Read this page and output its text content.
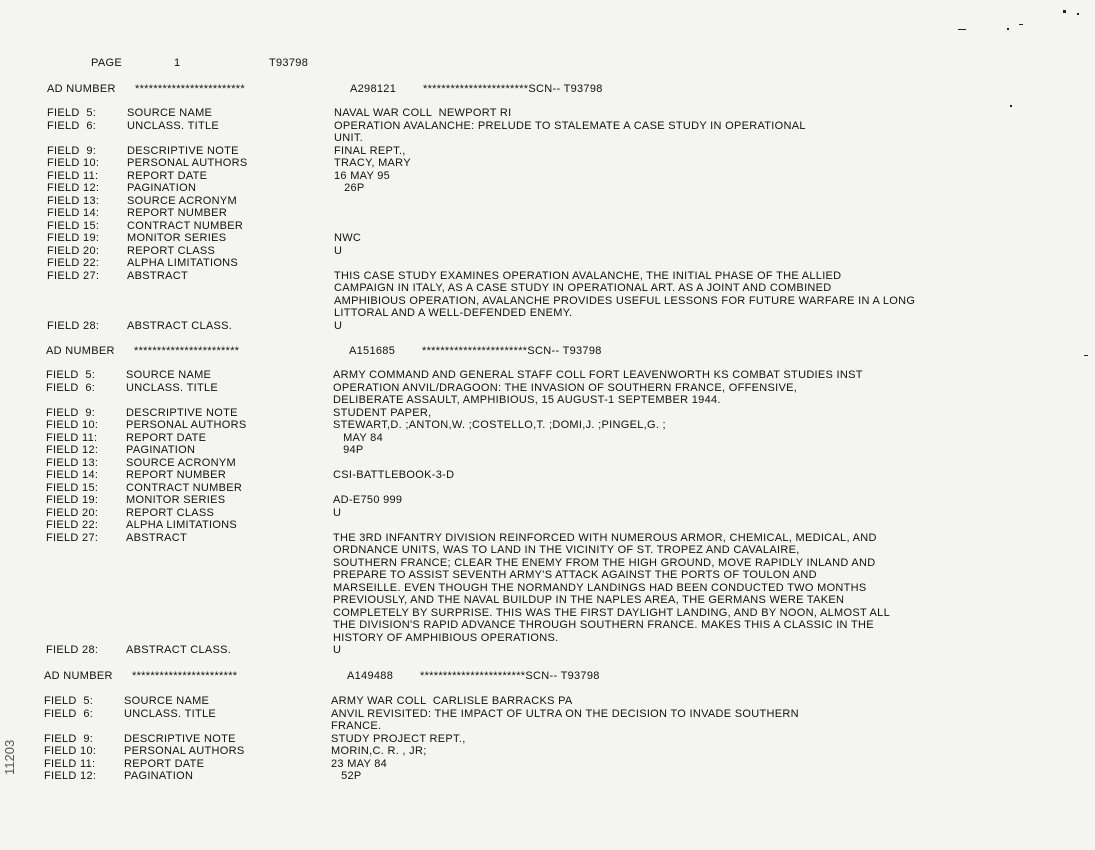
PAGE	1	T93798
AD NUMBER ************************	A298121 ***********************SCN-- T93798
FIELD  5:	SOURCE NAME	NAVAL WAR COLL  NEWPORT RI
FIELD  6:	UNCLASS. TITLE	OPERATION AVALANCHE: PRELUDE TO STALEMATE A CASE STUDY IN OPERATIONAL
UNIT.
FIELD  9:	DESCRIPTIVE NOTE	FINAL REPT.,
FIELD 10:	PERSONAL AUTHORS	TRACY, MARY
FIELD 11:	REPORT DATE	16 MAY 95
FIELD 12:	PAGINATION	26P
FIELD 13:	SOURCE ACRONYM
FIELD 14:	REPORT NUMBER
FIELD 15:	CONTRACT NUMBER
FIELD 19:	MONITOR SERIES	NWC
FIELD 20:	REPORT CLASS	U
FIELD 22:	ALPHA LIMITATIONS
FIELD 27:	ABSTRACT	THIS CASE STUDY EXAMINES OPERATION AVALANCHE, THE INITIAL PHASE OF THE ALLIED
CAMPAIGN IN ITALY, AS A CASE STUDY IN OPERATIONAL ART. AS A JOINT AND COMBINED
AMPHIBIOUS OPERATION, AVALANCHE PROVIDES USEFUL LESSONS FOR FUTURE WARFARE IN A LONG
LITTORAL AND A WELL-DEFENDED ENEMY.
FIELD 28:	ABSTRACT CLASS.	U
AD NUMBER ***********************	A151685 ***********************SCN-- T93798
FIELD  5:	SOURCE NAME	ARMY COMMAND AND GENERAL STAFF COLL FORT LEAVENWORTH KS COMBAT STUDIES INST
FIELD  6:	UNCLASS. TITLE	OPERATION ANVIL/DRAGOON: THE INVASION OF SOUTHERN FRANCE, OFFENSIVE,
DELIBERATE ASSAULT, AMPHIBIOUS, 15 AUGUST-1 SEPTEMBER 1944.
FIELD  9:	DESCRIPTIVE NOTE	STUDENT PAPER,
FIELD 10:	PERSONAL AUTHORS	STEWART,D. ;ANTON,W. ;COSTELLO,T. ;DOMI,J. ;PINGEL,G. ;
FIELD 11:	REPORT DATE	MAY 84
FIELD 12:	PAGINATION	94P
FIELD 13:	SOURCE ACRONYM
FIELD 14:	REPORT NUMBER	CSI-BATTLEBOOK-3-D
FIELD 15:	CONTRACT NUMBER
FIELD 19:	MONITOR SERIES	AD-E750 999
FIELD 20:	REPORT CLASS	U
FIELD 22:	ALPHA LIMITATIONS
FIELD 27:	ABSTRACT	THE 3RD INFANTRY DIVISION REINFORCED WITH NUMEROUS ARMOR, CHEMICAL, MEDICAL, AND
ORDNANCE UNITS, WAS TO LAND IN THE VICINITY OF ST. TROPEZ AND CAVALAIRE,
SOUTHERN FRANCE; CLEAR THE ENEMY FROM THE HIGH GROUND, MOVE RAPIDLY INLAND AND
PREPARE TO ASSIST SEVENTH ARMY'S ATTACK AGAINST THE PORTS OF TOULON AND
MARSEILLE. EVEN THOUGH THE NORMANDY LANDINGS HAD BEEN CONDUCTED TWO MONTHS
PREVIOUSLY, AND THE NAVAL BUILDUP IN THE NAPLES AREA, THE GERMANS WERE TAKEN
COMPLETELY BY SURPRISE. THIS WAS THE FIRST DAYLIGHT LANDING, AND BY NOON, ALMOST ALL
THE DIVISION'S RAPID ADVANCE THROUGH SOUTHERN FRANCE. MAKES THIS A CLASSIC IN THE
HISTORY OF AMPHIBIOUS OPERATIONS.
FIELD 28:	ABSTRACT CLASS.	U
AD NUMBER ***********************	A149488 ***********************SCN-- T93798
FIELD  5:	SOURCE NAME	ARMY WAR COLL  CARLISLE BARRACKS PA
FIELD  6:	UNCLASS. TITLE	ANVIL REVISITED: THE IMPACT OF ULTRA ON THE DECISION TO INVADE SOUTHERN
FRANCE.
FIELD  9:	DESCRIPTIVE NOTE	STUDY PROJECT REPT.,
FIELD 10:	PERSONAL AUTHORS	MORIN,C. R. , JR;
FIELD 11:	REPORT DATE	23 MAY 84
FIELD 12:	PAGINATION	52P
11203
